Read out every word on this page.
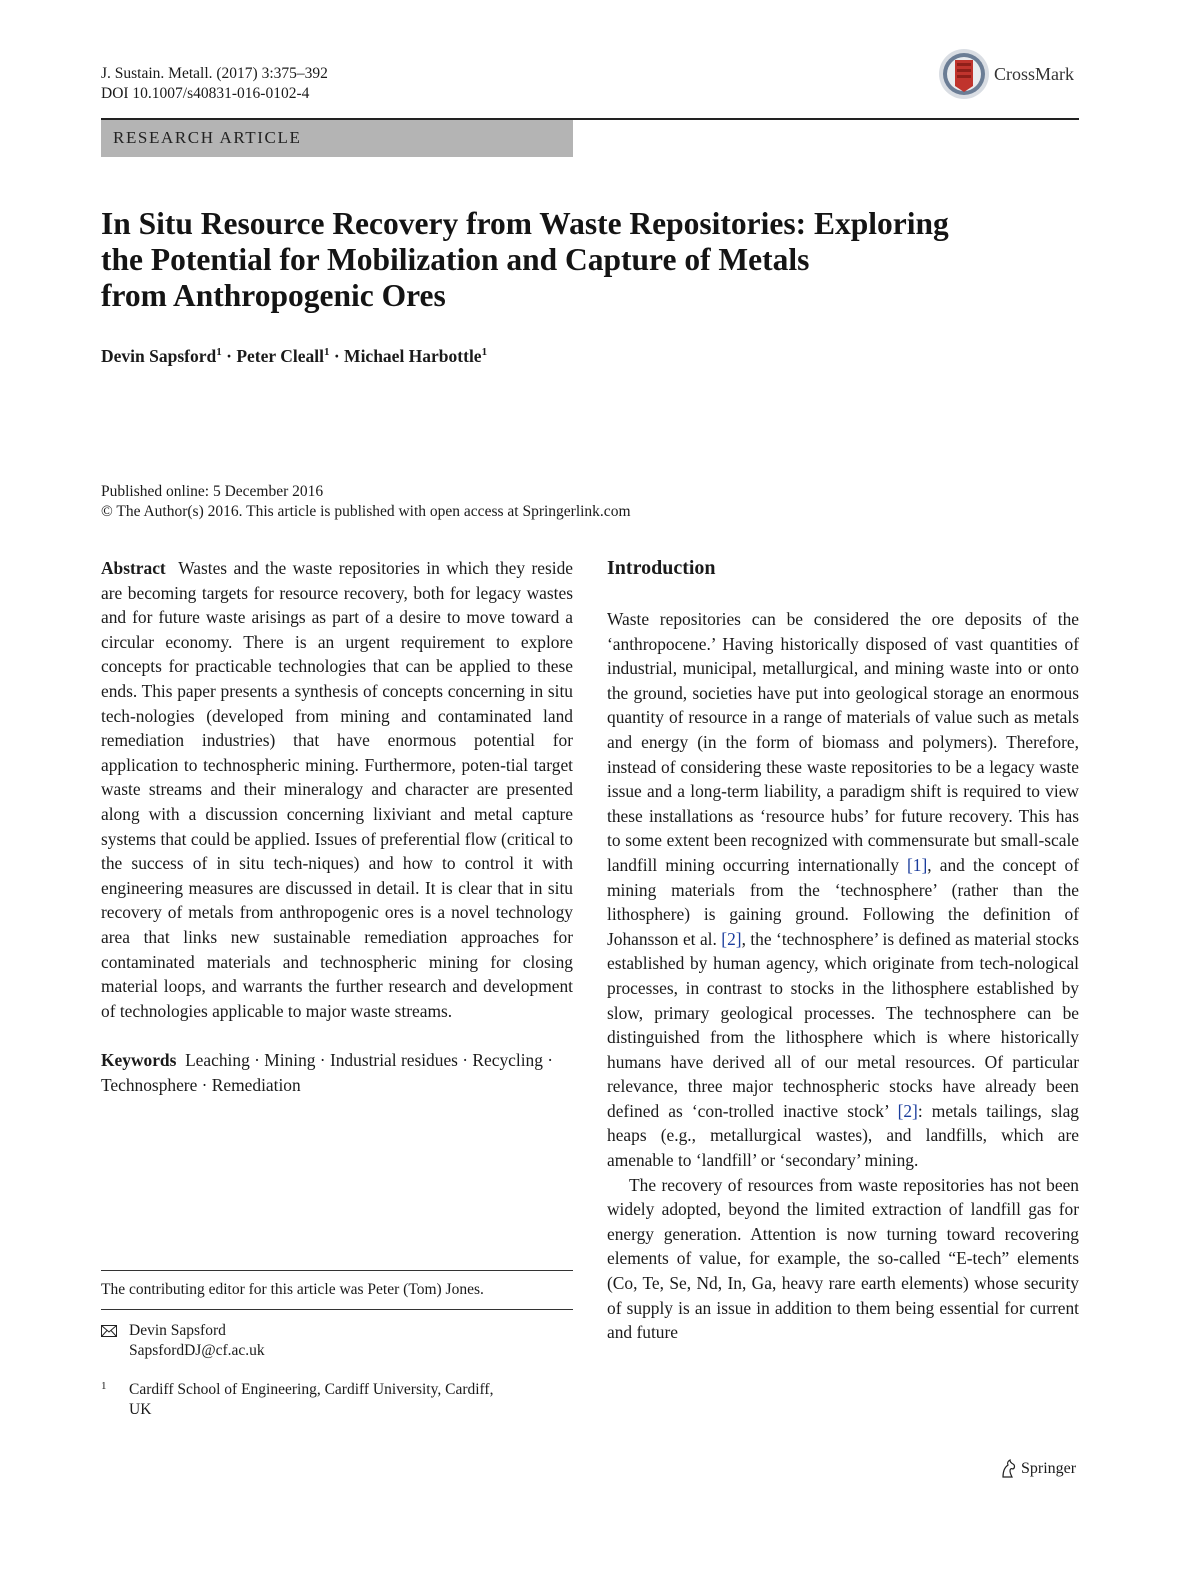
J. Sustain. Metall. (2017) 3:375–392
DOI 10.1007/s40831-016-0102-4
CrossMark
RESEARCH ARTICLE
In Situ Resource Recovery from Waste Repositories: Exploring
the Potential for Mobilization and Capture of Metals
from Anthropogenic Ores
Devin Sapsford$^1$ · Peter Cleall$^1$ · Michael Harbottle$^1$
Published online: 5 December 2016
© The Author(s) 2016. This article is published with open access at Springerlink.com

Abstract Wastes and the waste repositories in which they reside are becoming targets for resource recovery, both for legacy wastes and for future waste arisings as part of a desire to move toward a circular economy. There is an urgent requirement to explore concepts for practicable technologies that can be applied to these ends. This paper presents a synthesis of concepts concerning in situ tech-nologies (developed from mining and contaminated land remediation industries) that have enormous potential for application to technospheric mining. Furthermore, poten-tial target waste streams and their mineralogy and character are presented along with a discussion concerning lixiviant and metal capture systems that could be applied. Issues of preferential flow (critical to the success of in situ tech-niques) and how to control it with engineering measures are discussed in detail. It is clear that in situ recovery of metals from anthropogenic ores is a novel technology area that links new sustainable remediation approaches for contaminated materials and technospheric mining for closing material loops, and warrants the further research and development of technologies applicable to major waste streams.

Keywords Leaching · Mining · Industrial residues · Recycling · Technosphere · Remediation

The contributing editor for this article was Peter (Tom) Jones.
Devin Sapsford
SapsfordDJ@cf.ac.uk
1 Cardiff School of Engineering, Cardiff University, Cardiff,
UK
Introduction

Waste repositories can be considered the ore deposits of the ‘anthropocene.’ Having historically disposed of vast quantities of industrial, municipal, metallurgical, and mining waste into or onto the ground, societies have put into geological storage an enormous quantity of resource in a range of materials of value such as metals and energy (in the form of biomass and polymers). Therefore, instead of considering these waste repositories to be a legacy waste issue and a long-term liability, a paradigm shift is required to view these installations as ‘resource hubs’ for future recovery. This has to some extent been recognized with commensurate but small-scale landfill mining occurring internationally [1], and the concept of mining materials from the ‘technosphere’ (rather than the lithosphere) is gaining ground. Following the definition of Johansson et al. [2], the ‘technosphere’ is defined as material stocks established by human agency, which originate from tech-nological processes, in contrast to stocks in the lithosphere established by slow, primary geological processes. The technosphere can be distinguished from the lithosphere which is where historically humans have derived all of our metal resources. Of particular relevance, three major technospheric stocks have already been defined as ‘con-trolled inactive stock’ [2]: metals tailings, slag heaps (e.g., metallurgical wastes), and landfills, which are amenable to ‘landfill’ or ‘secondary’ mining.

The recovery of resources from waste repositories has not been widely adopted, beyond the limited extraction of landfill gas for energy generation. Attention is now turning toward recovering elements of value, for example, the so-called “E-tech” elements (Co, Te, Se, Nd, In, Ga, heavy rare earth elements) whose security of supply is an issue in addition to them being essential for current and future

Springer
